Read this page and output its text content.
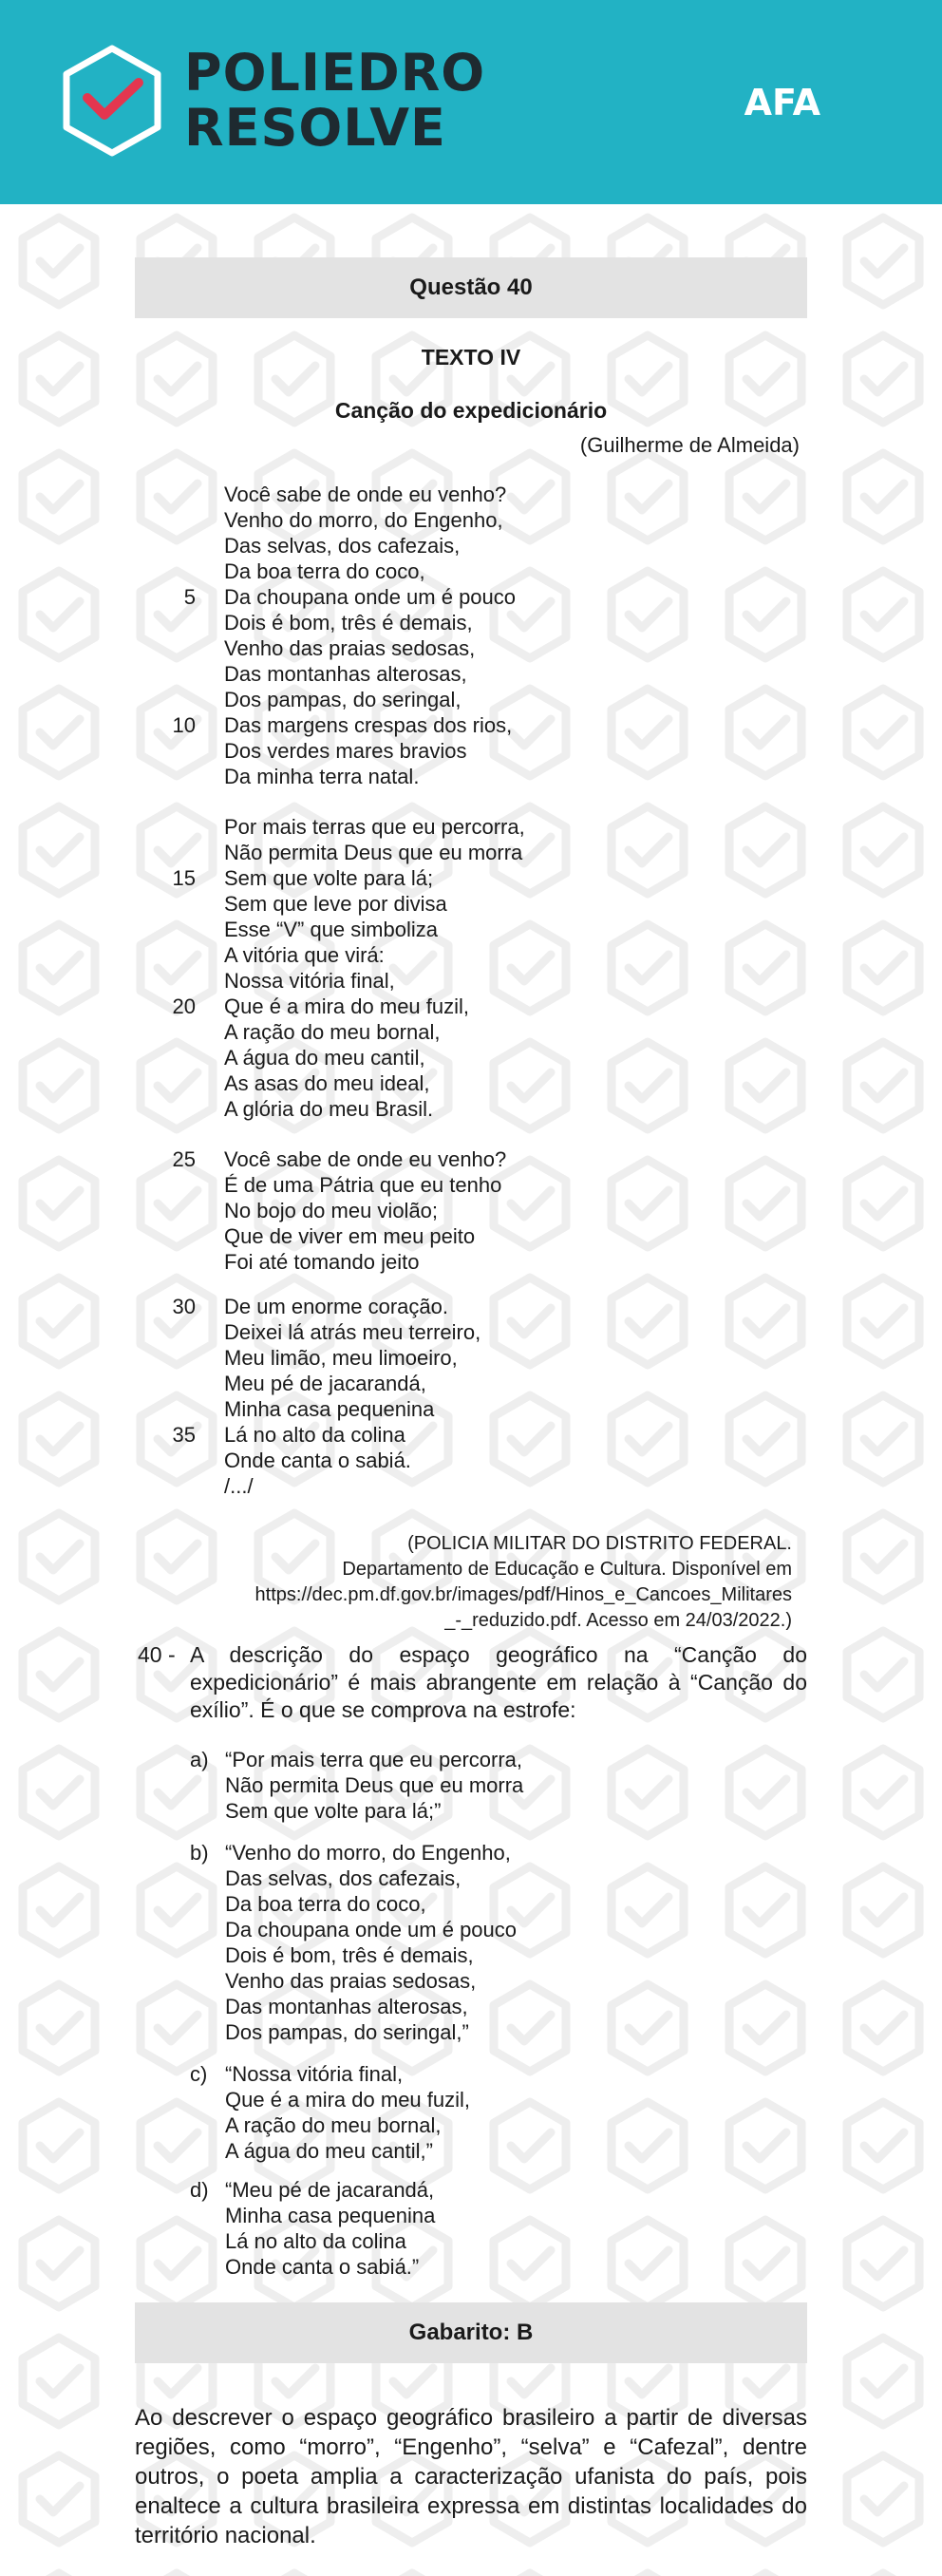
POLIEDRO
RESOLVE	AFA
Questão 40
TEXTO IV
Canção do expedicionário
(Guilherme de Almeida)
Você sabe de onde eu venho?
Venho do morro, do Engenho,
Das selvas, dos cafezais,
Da boa terra do coco,
Da choupana onde um é pouco
5
Dois é bom, três é demais,
Venho das praias sedosas,
Das montanhas alterosas,
Dos pampas, do seringal,
Das margens crespas dos rios,
10
Dos verdes mares bravios
Da minha terra natal.
Por mais terras que eu percorra,
Não permita Deus que eu morra
Sem que volte para lá;
15
Sem que leve por divisa
Esse “V” que simboliza
A vitória que virá:
Nossa vitória final,
Que é a mira do meu fuzil,
20
A ração do meu bornal,
A água do meu cantil,
As asas do meu ideal,
A glória do meu Brasil.
Você sabe de onde eu venho?
25
É de uma Pátria que eu tenho
No bojo do meu violão;
Que de viver em meu peito
Foi até tomando jeito
De um enorme coração.
30
Deixei lá atrás meu terreiro,
Meu limão, meu limoeiro,
Meu pé de jacarandá,
Minha casa pequenina
Lá no alto da colina
35
Onde canta o sabiá.
/.../
(POLICIA MILITAR DO DISTRITO FEDERAL.
Departamento de Educação e Cultura. Disponível em
https://dec.pm.df.gov.br/images/pdf/Hinos_e_Cancoes_Militares
_-_reduzido.pdf. Acesso em 24/03/2022.)
40 - A descrição do espaço geográfico na “Canção do
expedicionário” é mais abrangente em relação à “Canção do
exílio”. É o que se comprova na estrofe:
a) “Por mais terra que eu percorra,
Não permita Deus que eu morra
Sem que volte para lá;”
b) “Venho do morro, do Engenho,
Das selvas, dos cafezais,
Da boa terra do coco,
Da choupana onde um é pouco
Dois é bom, três é demais,
Venho das praias sedosas,
Das montanhas alterosas,
Dos pampas, do seringal,”
c) “Nossa vitória final,
Que é a mira do meu fuzil,
A ração do meu bornal,
A água do meu cantil,”
d) “Meu pé de jacarandá,
Minha casa pequenina
Lá no alto da colina
Onde canta o sabiá.”
Gabarito: B
Ao descrever o espaço geográfico brasileiro a partir de diversas
regiões, como “morro”, “Engenho”, “selva” e “Cafezal”, dentre
outros, o poeta amplia a caracterização ufanista do país, pois
enaltece a cultura brasileira expressa em distintas localidades do
território nacional.
